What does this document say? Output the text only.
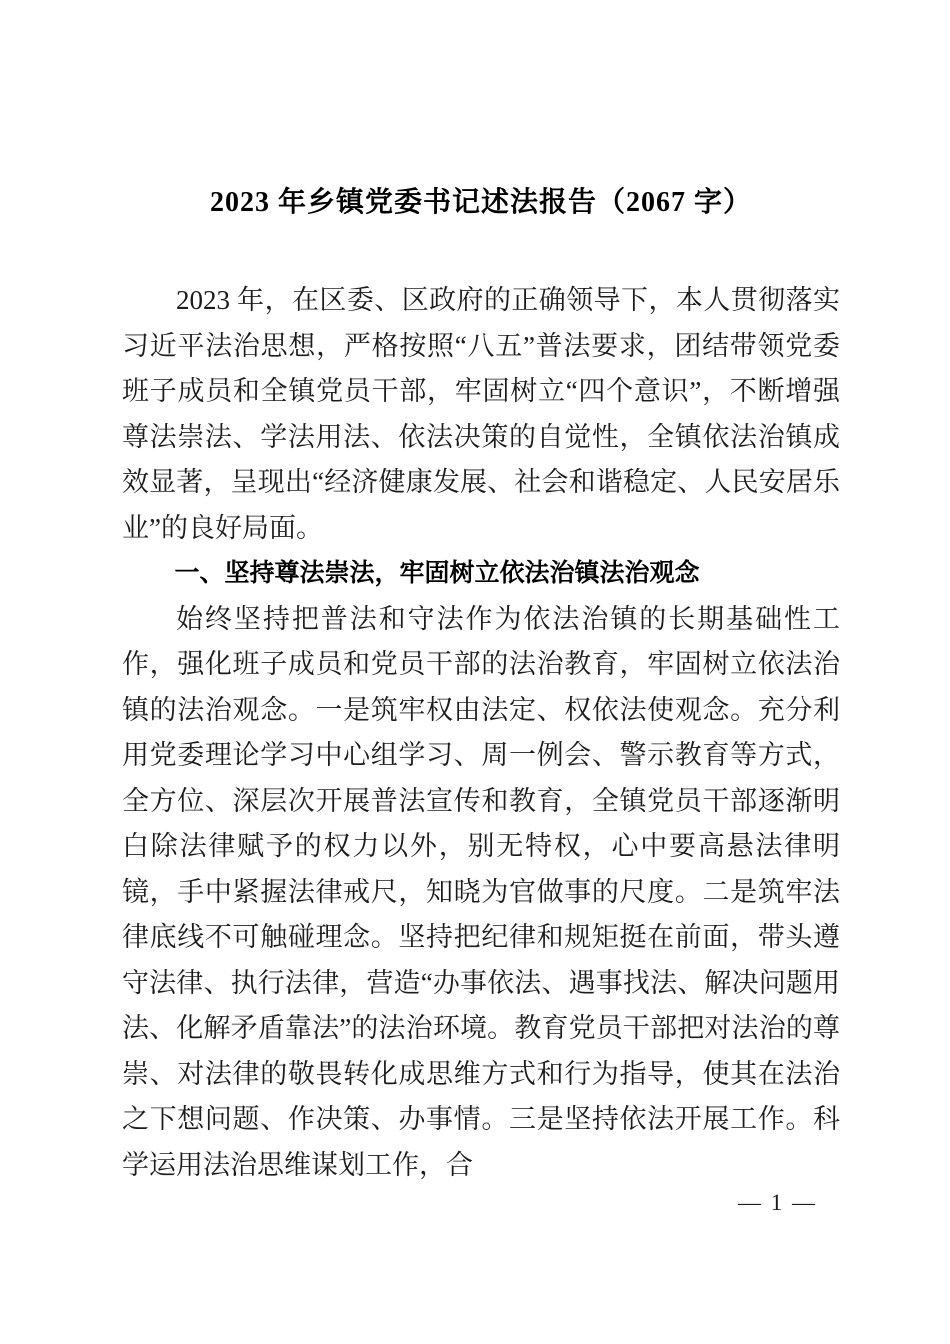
2023 年乡镇党委书记述法报告（2067 字）

2023 年，在区委、区政府的正确领导下，本人贯彻落实习近平法治思想，严格按照“八五”普法要求，团结带领党委班子成员和全镇党员干部，牢固树立“四个意识”，不断增强尊法崇法、学法用法、依法决策的自觉性，全镇依法治镇成效显著，呈现出“经济健康发展、社会和谐稳定、人民安居乐业”的良好局面。

一、坚持尊法崇法，牢固树立依法治镇法治观念

始终坚持把普法和守法作为依法治镇的长期基础性工作，强化班子成员和党员干部的法治教育，牢固树立依法治镇的法治观念。一是筑牢权由法定、权依法使观念。充分利用党委理论学习中心组学习、周一例会、警示教育等方式，全方位、深层次开展普法宣传和教育，全镇党员干部逐渐明白除法律赋予的权力以外，别无特权，心中要高悬法律明镜，手中紧握法律戒尺，知晓为官做事的尺度。二是筑牢法律底线不可触碰理念。坚持把纪律和规矩挺在前面，带头遵守法律、执行法律，营造“办事依法、遇事找法、解决问题用法、化解矛盾靠法”的法治环境。教育党员干部把对法治的尊崇、对法律的敬畏转化成思维方式和行为指导，使其在法治之下想问题、作决策、办事情。三是坚持依法开展工作。科学运用法治思维谋划工作，合

— 1 —
